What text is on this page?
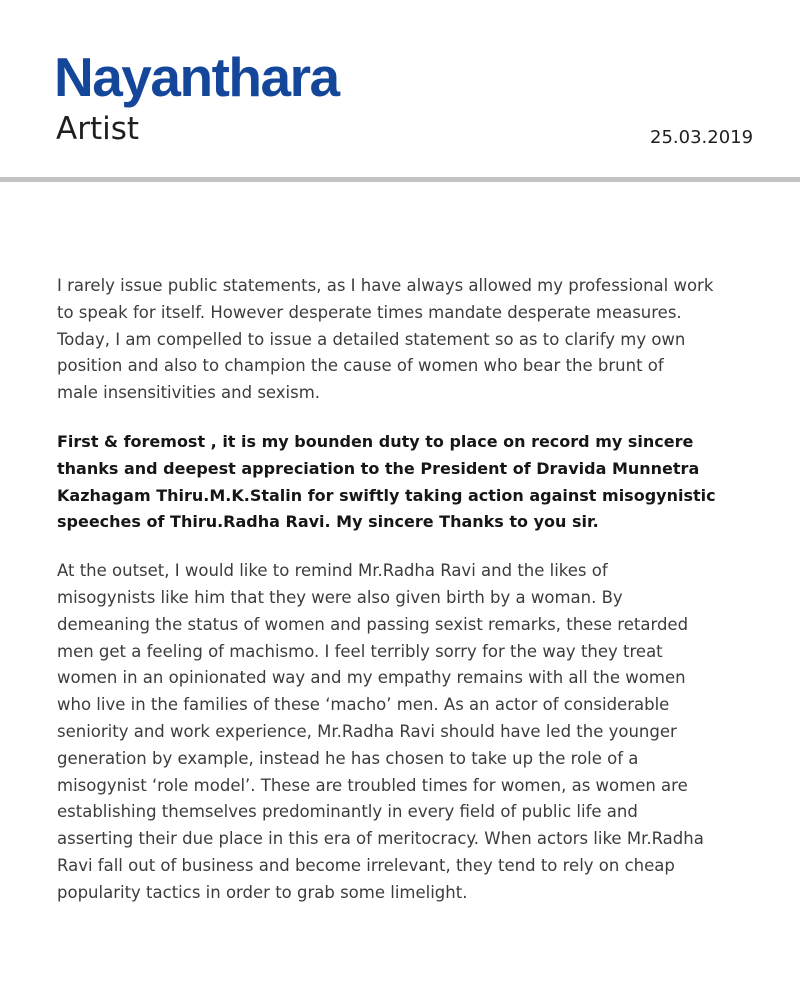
Nayanthara
Artist	25.03.2019

I rarely issue public statements, as I have always allowed my professional work
to speak for itself. However desperate times mandate desperate measures.
Today, I am compelled to issue a detailed statement so as to clarify my own
position and also to champion the cause of women who bear the brunt of
male insensitivities and sexism.

First & foremost , it is my bounden duty to place on record my sincere
thanks and deepest appreciation to the President of Dravida Munnetra
Kazhagam Thiru.M.K.Stalin for swiftly taking action against misogynistic
speeches of Thiru.Radha Ravi. My sincere Thanks to you sir.

At the outset, I would like to remind Mr.Radha Ravi and the likes of
misogynists like him that they were also given birth by a woman. By
demeaning the status of women and passing sexist remarks, these retarded
men get a feeling of machismo. I feel terribly sorry for the way they treat
women in an opinionated way and my empathy remains with all the women
who live in the families of these ‘macho’ men. As an actor of considerable
seniority and work experience, Mr.Radha Ravi should have led the younger
generation by example, instead he has chosen to take up the role of a
misogynist ‘role model’. These are troubled times for women, as women are
establishing themselves predominantly in every field of public life and
asserting their due place in this era of meritocracy. When actors like Mr.Radha
Ravi fall out of business and become irrelevant, they tend to rely on cheap
popularity tactics in order to grab some limelight.
